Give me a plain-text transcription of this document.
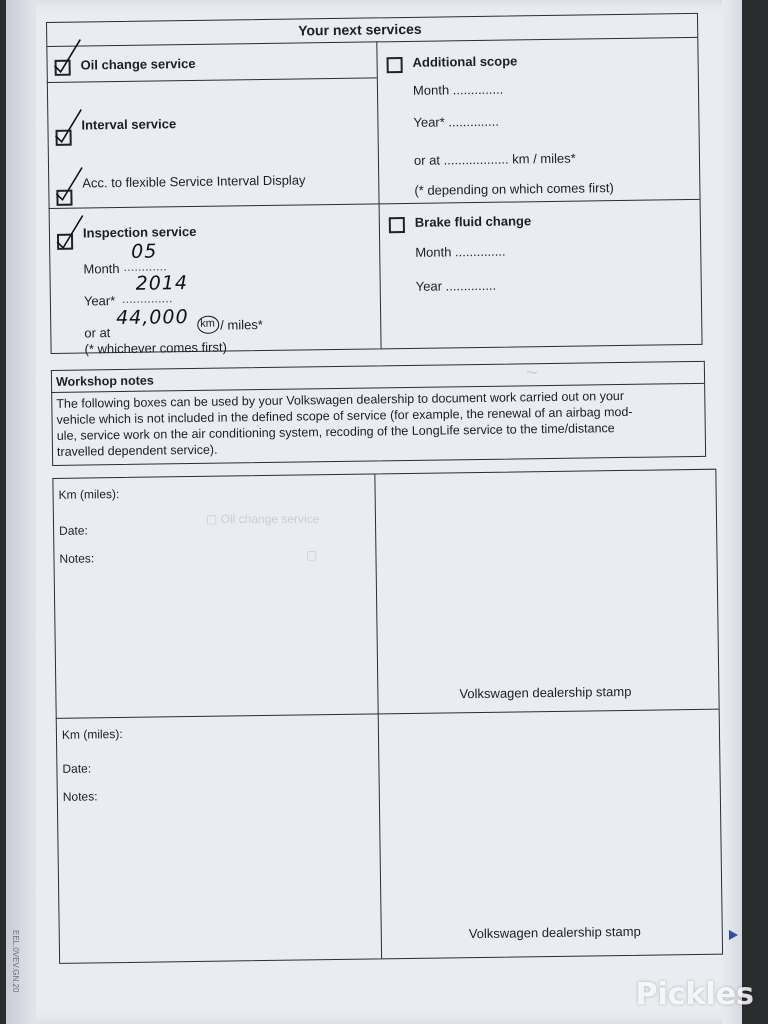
▢ Oil change service
▢
~
Your next services
Oil change service
Interval service
Acc. to flexible Service Interval Display
Inspection service
Month ............
05
Year* ..............
2014
or at
44,000 km / miles*
(* whichever comes first)
Additional scope
Month ..............
Year* ..............
or at .................. km / miles*
(* depending on which comes first)
Brake fluid change
Month ..............
Year ..............
Workshop notes
The following boxes can be used by your Volkswagen dealership to document work carried out on your
vehicle which is not included in the defined scope of service (for example, the renewal of an airbag mod-
ule, service work on the air conditioning system, recoding of the LongLife service to the time/distance
travelled dependent service).
Km (miles):
Date:
Notes:
Volkswagen dealership stamp
Km (miles):
Date:
Notes:
Volkswagen dealership stamp
EEL.0VEV.GN.20
Pickles
